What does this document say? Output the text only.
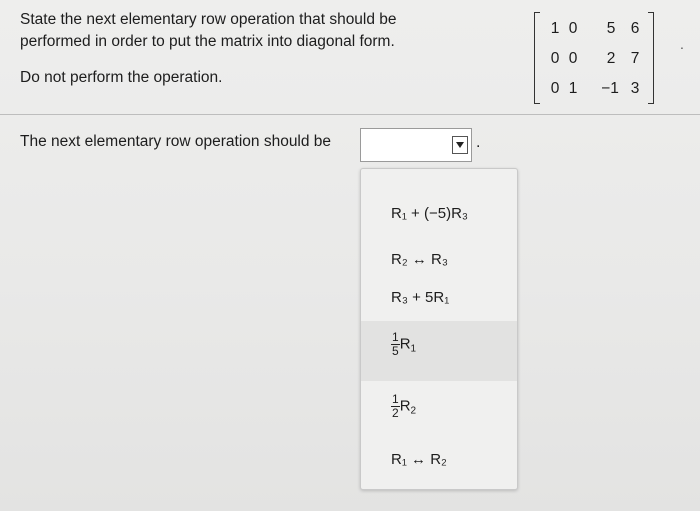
State the next elementary row operation that should be
performed in order to put the matrix into diagonal form.

Do not perform the operation.

1 0	5 6
0 0	2 7
0 1	−1 3
.
The next elementary row operation should be	.
R₁ + (−5)R₃
R₂ ↔ R₃
R₃ + 5R₁
$\frac{1}{5} R_1$
$\frac{1}{2} R_2$
R₁ ↔ R₂
